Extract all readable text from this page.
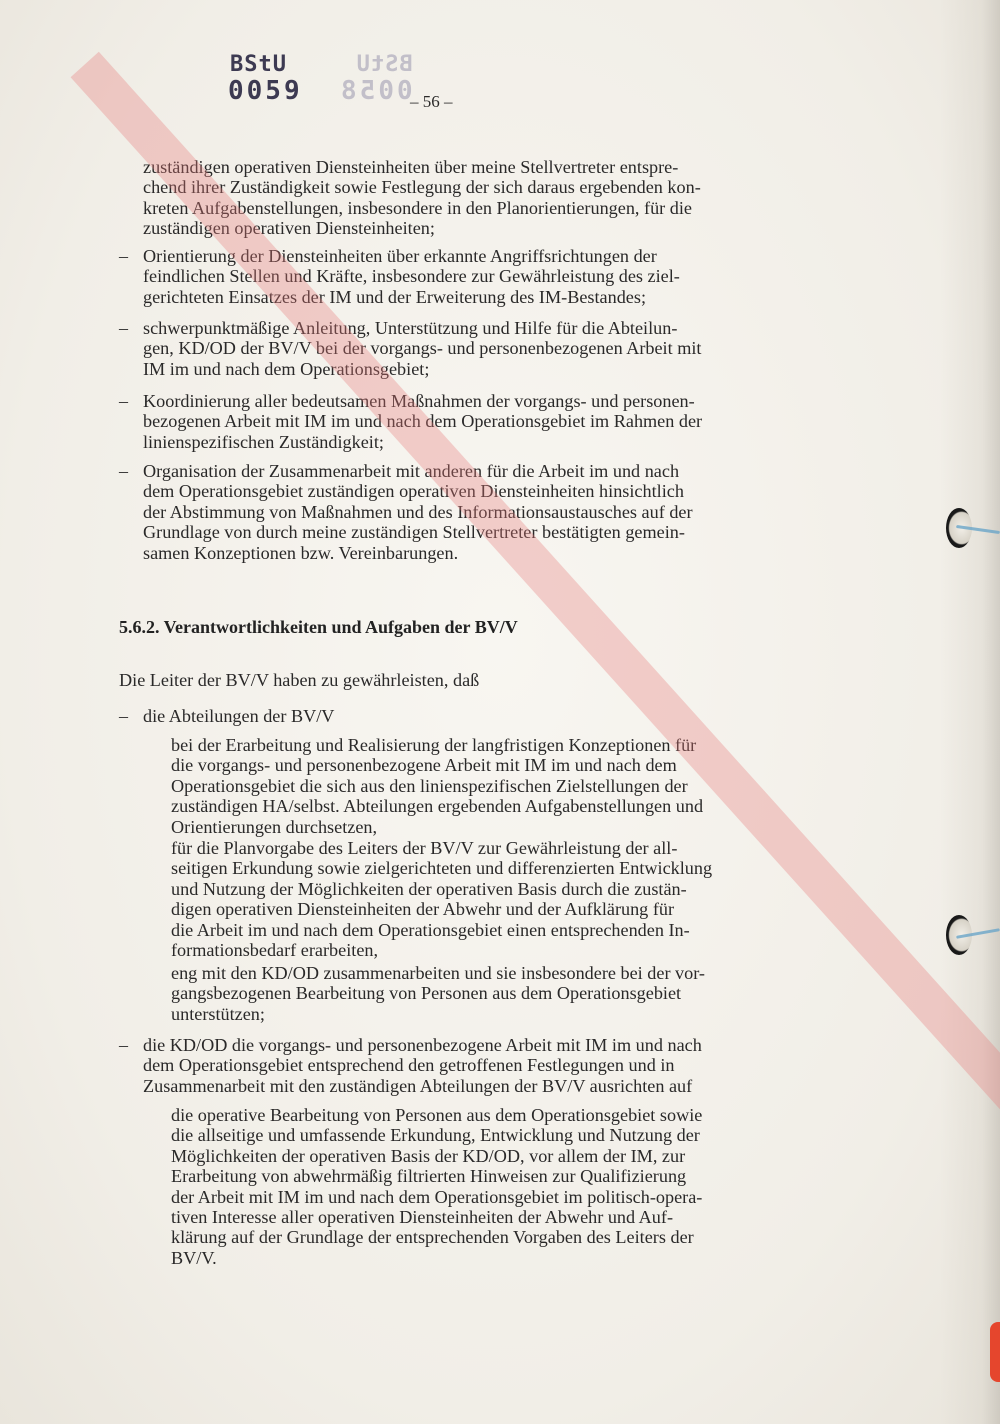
BStU
0059
BStU
0058
– 56 –
zuständigen operativen Diensteinheiten über meine Stellvertreter entspre-
chend ihrer Zuständigkeit sowie Festlegung der sich daraus ergebenden kon-
kreten Aufgabenstellungen, insbesondere in den Planorientierungen, für die
zuständigen operativen Diensteinheiten;
– Orientierung der Diensteinheiten über erkannte Angriffsrichtungen der
feindlichen Stellen und Kräfte, insbesondere zur Gewährleistung des ziel-
gerichteten Einsatzes der IM und der Erweiterung des IM-Bestandes;
– schwerpunktmäßige Anleitung, Unterstützung und Hilfe für die Abteilun-
gen, KD/OD der BV/V bei der vorgangs- und personenbezogenen Arbeit mit
IM im und nach dem Operationsgebiet;
– Koordinierung aller bedeutsamen Maßnahmen der vorgangs- und personen-
bezogenen Arbeit mit IM im und nach dem Operationsgebiet im Rahmen der
linienspezifischen Zuständigkeit;
– Organisation der Zusammenarbeit mit anderen für die Arbeit im und nach
dem Operationsgebiet zuständigen operativen Diensteinheiten hinsichtlich
der Abstimmung von Maßnahmen und des Informationsaustausches auf der
Grundlage von durch meine zuständigen Stellvertreter bestätigten gemein-
samen Konzeptionen bzw. Vereinbarungen.
5.6.2. Verantwortlichkeiten und Aufgaben der BV/V
Die Leiter der BV/V haben zu gewährleisten, daß
– die Abteilungen der BV/V
bei der Erarbeitung und Realisierung der langfristigen Konzeptionen für
die vorgangs- und personenbezogene Arbeit mit IM im und nach dem
Operationsgebiet die sich aus den linienspezifischen Zielstellungen der
zuständigen HA/selbst. Abteilungen ergebenden Aufgabenstellungen und
Orientierungen durchsetzen,
für die Planvorgabe des Leiters der BV/V zur Gewährleistung der all-
seitigen Erkundung sowie zielgerichteten und differenzierten Entwicklung
und Nutzung der Möglichkeiten der operativen Basis durch die zustän-
digen operativen Diensteinheiten der Abwehr und der Aufklärung für
die Arbeit im und nach dem Operationsgebiet einen entsprechenden In-
formationsbedarf erarbeiten,
eng mit den KD/OD zusammenarbeiten und sie insbesondere bei der vor-
gangsbezogenen Bearbeitung von Personen aus dem Operationsgebiet
unterstützen;
– die KD/OD die vorgangs- und personenbezogene Arbeit mit IM im und nach
dem Operationsgebiet entsprechend den getroffenen Festlegungen und in
Zusammenarbeit mit den zuständigen Abteilungen der BV/V ausrichten auf
die operative Bearbeitung von Personen aus dem Operationsgebiet sowie
die allseitige und umfassende Erkundung, Entwicklung und Nutzung der
Möglichkeiten der operativen Basis der KD/OD, vor allem der IM, zur
Erarbeitung von abwehrmäßig filtrierten Hinweisen zur Qualifizierung
der Arbeit mit IM im und nach dem Operationsgebiet im politisch-opera-
tiven Interesse aller operativen Diensteinheiten der Abwehr und Auf-
klärung auf der Grundlage der entsprechenden Vorgaben des Leiters der
BV/V.
